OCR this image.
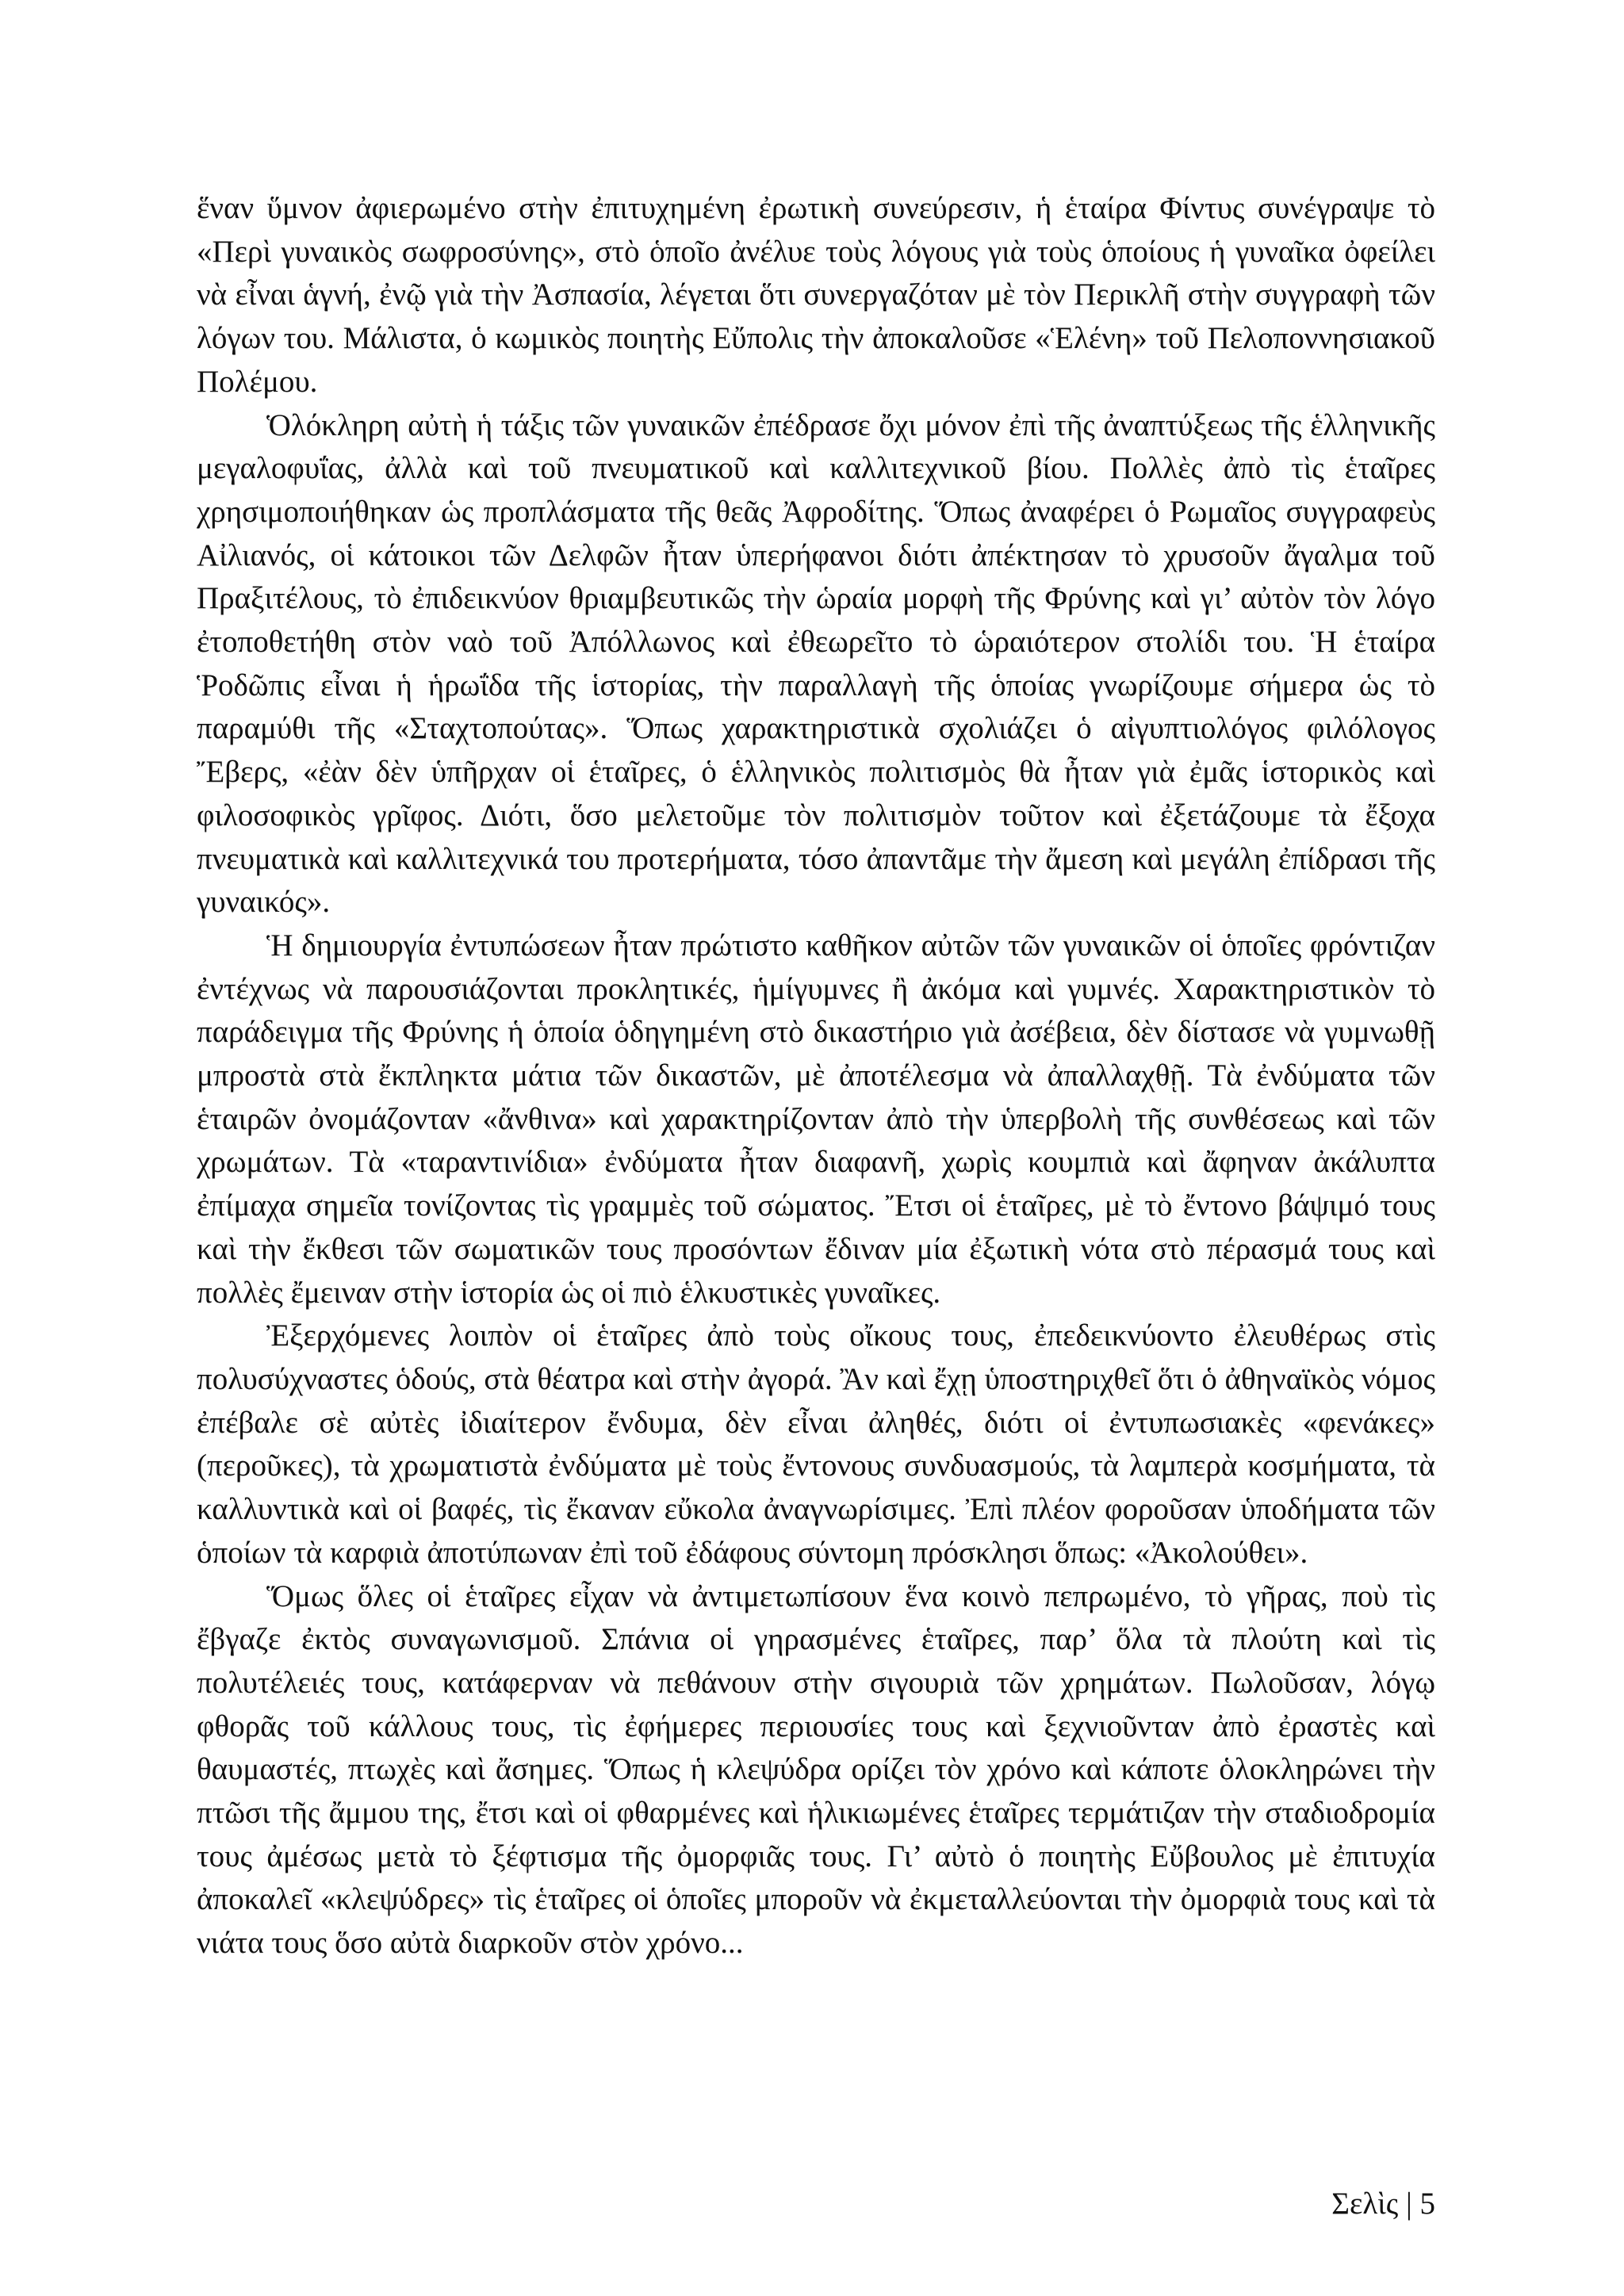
ἕναν ὕμνον ἀφιερωμένο στὴν ἐπιτυχημένη ἐρωτικὴ συνεύρεσιν, ἡ ἑταίρα Φίντυς συνέγραψε τὸ «Περὶ γυναικὸς σωφροσύνης», στὸ ὁποῖο ἀνέλυε τοὺς λόγους γιὰ τοὺς ὁποίους ἡ γυναῖκα ὀφείλει νὰ εἶναι ἁγνή, ἐνῷ γιὰ τὴν Ἀσπασία, λέγεται ὅτι συνεργαζόταν μὲ τὸν Περικλῆ στὴν συγγραφὴ τῶν λόγων του. Μάλιστα, ὁ κωμικὸς ποιητὴς Εὔπολις τὴν ἀποκαλοῦσε «Ἑλένη» τοῦ Πελοποννησιακοῦ Πολέμου.

Ὁλόκληρη αὐτὴ ἡ τάξις τῶν γυναικῶν ἐπέδρασε ὄχι μόνον ἐπὶ τῆς ἀναπτύξεως τῆς ἑλληνικῆς μεγαλοφυΐας, ἀλλὰ καὶ τοῦ πνευματικοῦ καὶ καλλιτεχνικοῦ βίου. Πολλὲς ἀπὸ τὶς ἑταῖρες χρησιμοποιήθηκαν ὡς προπλάσματα τῆς θεᾶς Ἀφροδίτης. Ὅπως ἀναφέρει ὁ Ρωμαῖος συγγραφεὺς Αἰλιανός, οἱ κάτοικοι τῶν Δελφῶν ἦταν ὑπερήφανοι διότι ἀπέκτησαν τὸ χρυσοῦν ἄγαλμα τοῦ Πραξιτέλους, τὸ ἐπιδεικνύον θριαμβευτικῶς τὴν ὡραία μορφὴ τῆς Φρύνης καὶ γι’ αὐτὸν τὸν λόγο ἐτοποθετήθη στὸν ναὸ τοῦ Ἀπόλλωνος καὶ ἐθεωρεῖτο τὸ ὡραιότερον στολίδι του. Ἡ ἑταίρα Ῥοδῶπις εἶναι ἡ ἡρωΐδα τῆς ἱστορίας, τὴν παραλλαγὴ τῆς ὁποίας γνωρίζουμε σήμερα ὡς τὸ παραμύθι τῆς «Σταχτοπούτας». Ὅπως χαρακτηριστικὰ σχολιάζει ὁ αἰγυπτιολόγος φιλόλογος Ἔβερς, «ἐὰν δὲν ὑπῆρχαν οἱ ἑταῖρες, ὁ ἑλληνικὸς πολιτισμὸς θὰ ἦταν γιὰ ἐμᾶς ἱστορικὸς καὶ φιλοσοφικὸς γρῖφος. Διότι, ὅσο μελετοῦμε τὸν πολιτισμὸν τοῦτον καὶ ἐξετάζουμε τὰ ἔξοχα πνευματικὰ καὶ καλλιτεχνικά του προτερήματα, τόσο ἀπαντᾶμε τὴν ἄμεση καὶ μεγάλη ἐπίδρασι τῆς γυναικός».

Ἡ δημιουργία ἐντυπώσεων ἦταν πρώτιστο καθῆκον αὐτῶν τῶν γυναικῶν οἱ ὁποῖες φρόντιζαν ἐντέχνως νὰ παρουσιάζονται προκλητικές, ἡμίγυμνες ἢ ἀκόμα καὶ γυμνές. Χαρακτηριστικὸν τὸ παράδειγμα τῆς Φρύνης ἡ ὁποία ὁδηγημένη στὸ δικαστήριο γιὰ ἀσέβεια, δὲν δίστασε νὰ γυμνωθῇ μπροστὰ στὰ ἔκπληκτα μάτια τῶν δικαστῶν, μὲ ἀποτέλεσμα νὰ ἀπαλλαχθῇ. Τὰ ἐνδύματα τῶν ἑταιρῶν ὀνομάζονταν «ἄνθινα» καὶ χαρακτηρίζονταν ἀπὸ τὴν ὑπερβολὴ τῆς συνθέσεως καὶ τῶν χρωμάτων. Τὰ «ταραντινίδια» ἐνδύματα ἦταν διαφανῆ, χωρὶς κουμπιὰ καὶ ἄφηναν ἀκάλυπτα ἐπίμαχα σημεῖα τονίζοντας τὶς γραμμὲς τοῦ σώματος. Ἔτσι οἱ ἑταῖρες, μὲ τὸ ἔντονο βάψιμό τους καὶ τὴν ἔκθεσι τῶν σωματικῶν τους προσόντων ἔδιναν μία ἐξωτικὴ νότα στὸ πέρασμά τους καὶ πολλὲς ἔμειναν στὴν ἱστορία ὡς οἱ πιὸ ἑλκυστικὲς γυναῖκες.

Ἐξερχόμενες λοιπὸν οἱ ἑταῖρες ἀπὸ τοὺς οἴκους τους, ἐπεδεικνύοντο ἐλευθέρως στὶς πολυσύχναστες ὁδούς, στὰ θέατρα καὶ στὴν ἀγορά. Ἂν καὶ ἔχῃ ὑποστηριχθεῖ ὅτι ὁ ἀθηναϊκὸς νόμος ἐπέβαλε σὲ αὐτὲς ἰδιαίτερον ἔνδυμα, δὲν εἶναι ἀληθές, διότι οἱ ἐντυπωσιακὲς «φενάκες» (περοῦκες), τὰ χρωματιστὰ ἐνδύματα μὲ τοὺς ἔντονους συνδυασμούς, τὰ λαμπερὰ κοσμήματα, τὰ καλλυντικὰ καὶ οἱ βαφές, τὶς ἔκαναν εὔκολα ἀναγνωρίσιμες. Ἐπὶ πλέον φοροῦσαν ὑποδήματα τῶν ὁποίων τὰ καρφιὰ ἀποτύπωναν ἐπὶ τοῦ ἐδάφους σύντομη πρόσκλησι ὅπως: «Ἀκολούθει».

Ὅμως ὅλες οἱ ἑταῖρες εἶχαν νὰ ἀντιμετωπίσουν ἕνα κοινὸ πεπρωμένο, τὸ γῆρας, ποὺ τὶς ἔβγαζε ἐκτὸς συναγωνισμοῦ. Σπάνια οἱ γηρασμένες ἑταῖρες, παρ’ ὅλα τὰ πλούτη καὶ τὶς πολυτέλειές τους, κατάφερναν νὰ πεθάνουν στὴν σιγουριὰ τῶν χρημάτων. Πωλοῦσαν, λόγῳ φθορᾶς τοῦ κάλλους τους, τὶς ἐφήμερες περιουσίες τους καὶ ξεχνιοῦνταν ἀπὸ ἐραστὲς καὶ θαυμαστές, πτωχὲς καὶ ἄσημες. Ὅπως ἡ κλεψύδρα ορίζει τὸν χρόνο καὶ κάποτε ὁλοκληρώνει τὴν πτῶσι τῆς ἄμμου της, ἔτσι καὶ οἱ φθαρμένες καὶ ἡλικιωμένες ἑταῖρες τερμάτιζαν τὴν σταδιοδρομία τους ἀμέσως μετὰ τὸ ξέφτισμα τῆς ὀμορφιᾶς τους. Γι’ αὐτὸ ὁ ποιητὴς Εὔβουλος μὲ ἐπιτυχία ἀποκαλεῖ «κλεψύδρες» τὶς ἑταῖρες οἱ ὁποῖες μποροῦν νὰ ἐκμεταλλεύονται τὴν ὀμορφιὰ τους καὶ τὰ νιάτα τους ὅσο αὐτὰ διαρκοῦν στὸν χρόνο...

Σελὶς | 5
